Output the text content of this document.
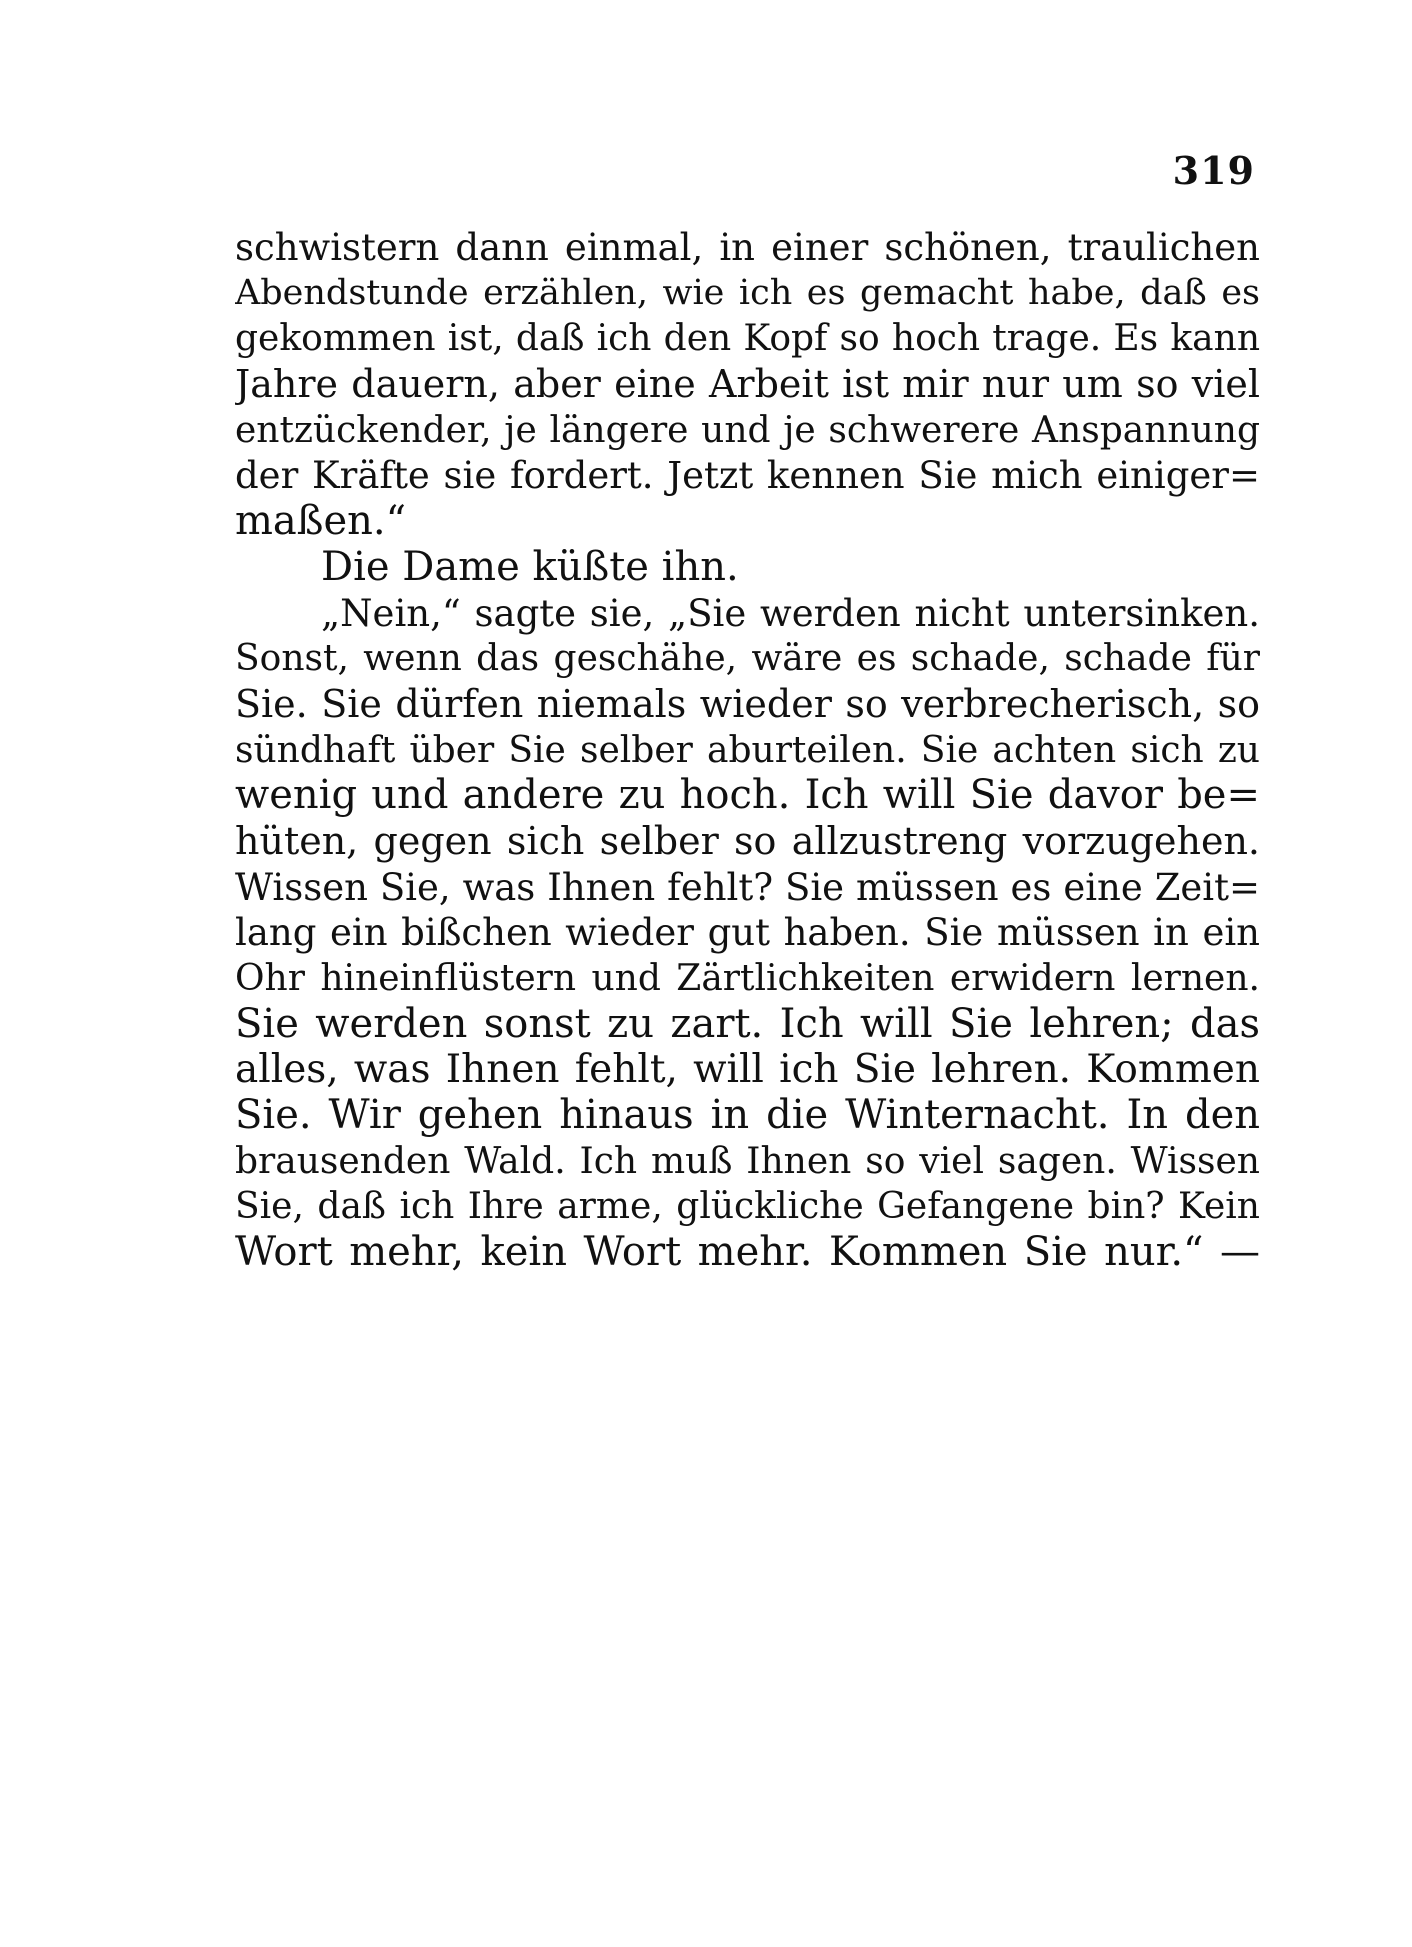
319
schwistern dann einmal, in einer schönen, traulichen
Abendstunde erzählen, wie ich es gemacht habe, daß es
gekommen ist, daß ich den Kopf so hoch trage. Es kann
Jahre dauern, aber eine Arbeit ist mir nur um so viel
entzückender, je längere und je schwerere Anspannung
der Kräfte sie fordert. Jetzt kennen Sie mich einiger=
maßen.“
Die Dame küßte ihn.
„Nein,“ sagte sie, „Sie werden nicht untersinken.
Sonst, wenn das geschähe, wäre es schade, schade für
Sie. Sie dürfen niemals wieder so verbrecherisch, so
sündhaft über Sie selber aburteilen. Sie achten sich zu
wenig und andere zu hoch. Ich will Sie davor be=
hüten, gegen sich selber so allzustreng vorzugehen.
Wissen Sie, was Ihnen fehlt? Sie müssen es eine Zeit=
lang ein bißchen wieder gut haben. Sie müssen in ein
Ohr hineinflüstern und Zärtlichkeiten erwidern lernen.
Sie werden sonst zu zart. Ich will Sie lehren; das
alles, was Ihnen fehlt, will ich Sie lehren. Kommen
Sie. Wir gehen hinaus in die Winternacht. In den
brausenden Wald. Ich muß Ihnen so viel sagen. Wissen
Sie, daß ich Ihre arme, glückliche Gefangene bin? Kein
Wort mehr, kein Wort mehr. Kommen Sie nur.“ —
